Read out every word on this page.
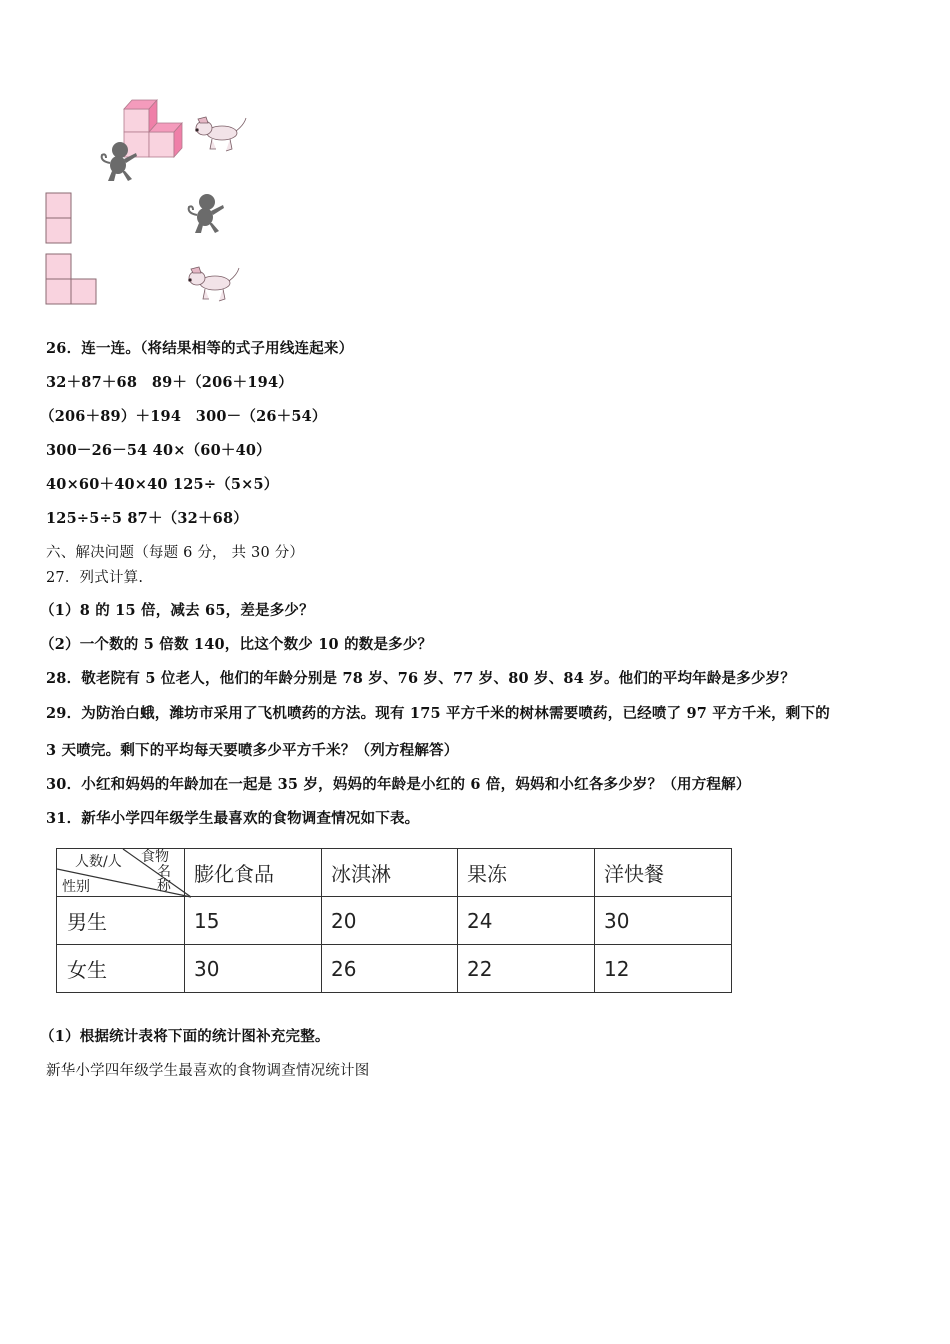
26．连一连。（将结果相等的式子用线连起来）
32＋87＋68　89＋（206＋194）
（206＋89）＋194　300－（26＋54）
300－26－54 40×（60＋40）
40×60＋40×40 125÷（5×5）
125÷5÷5 87＋（32＋68）
六、解决问题（每题 6 分， 共 30 分）
27．列式计算.
（1）8 的 15 倍，减去 65，差是多少？
（2）一个数的 5 倍数 140，比这个数少 10 的数是多少？
28．敬老院有 5 位老人，他们的年龄分别是 78 岁、76 岁、77 岁、80 岁、84 岁。他们的平均年龄是多少岁？
29．为防治白蛾，潍坊市采用了飞机喷药的方法。现有 175 平方千米的树林需要喷药，已经喷了 97 平方千米，剩下的
3 天喷完。剩下的平均每天要喷多少平方千米？（列方程解答）
30．小红和妈妈的年龄加在一起是 35 岁，妈妈的年龄是小红的 6 倍，妈妈和小红各多少岁？（用方程解）
31．新华小学四年级学生最喜欢的食物调查情况如下表。
食物
名称
人数/人
性别	膨化食品	冰淇淋	果冻	洋快餐
男生	15	20	24	30
女生	30	26	22	12
（1）根据统计表将下面的统计图补充完整。
新华小学四年级学生最喜欢的食物调查情况统计图
